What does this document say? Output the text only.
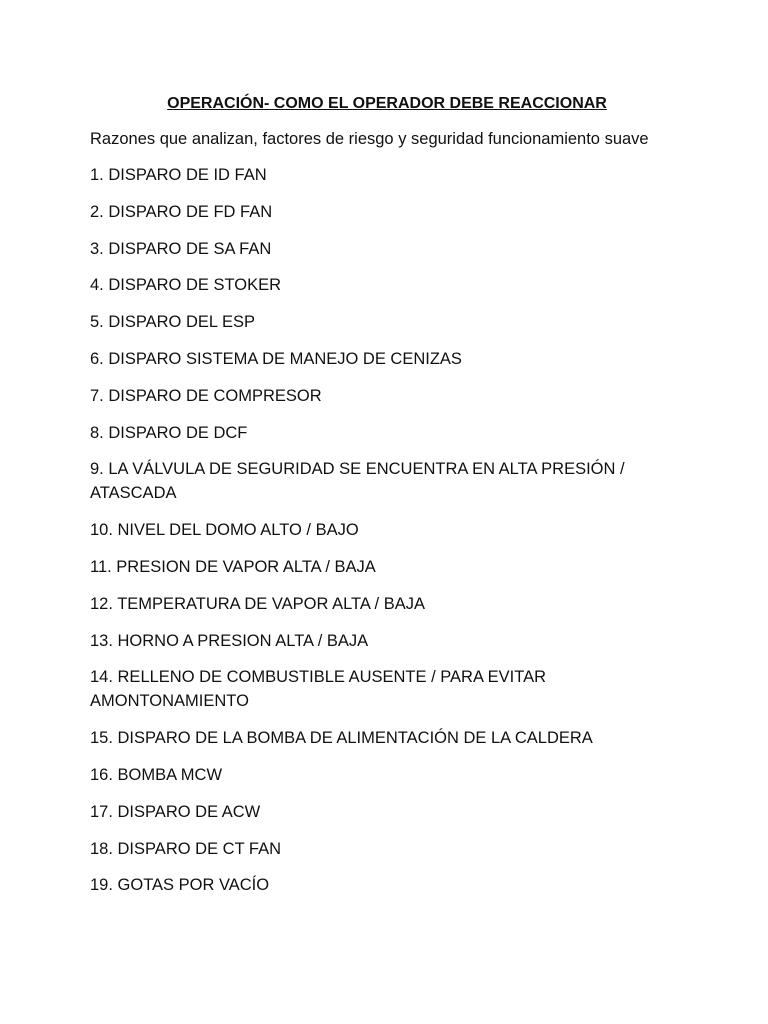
OPERACIÓN- COMO EL OPERADOR DEBE REACCIONAR

Razones que analizan, factores de riesgo y seguridad funcionamiento suave

1. DISPARO DE ID FAN

2. DISPARO DE FD FAN

3. DISPARO DE SA FAN

4. DISPARO DE STOKER

5. DISPARO DEL ESP

6. DISPARO SISTEMA DE MANEJO DE CENIZAS

7. DISPARO DE COMPRESOR

8. DISPARO DE DCF

9. LA VÁLVULA DE SEGURIDAD SE ENCUENTRA EN ALTA PRESIÓN / ATASCADA

10. NIVEL DEL DOMO ALTO / BAJO

11. PRESION DE VAPOR ALTA / BAJA

12. TEMPERATURA DE VAPOR ALTA / BAJA

13. HORNO A PRESION ALTA / BAJA

14. RELLENO DE COMBUSTIBLE AUSENTE / PARA EVITAR AMONTONAMIENTO

15. DISPARO DE LA BOMBA DE ALIMENTACIÓN DE LA CALDERA

16. BOMBA MCW

17. DISPARO DE ACW

18. DISPARO DE CT FAN

19. GOTAS POR VACÍO
